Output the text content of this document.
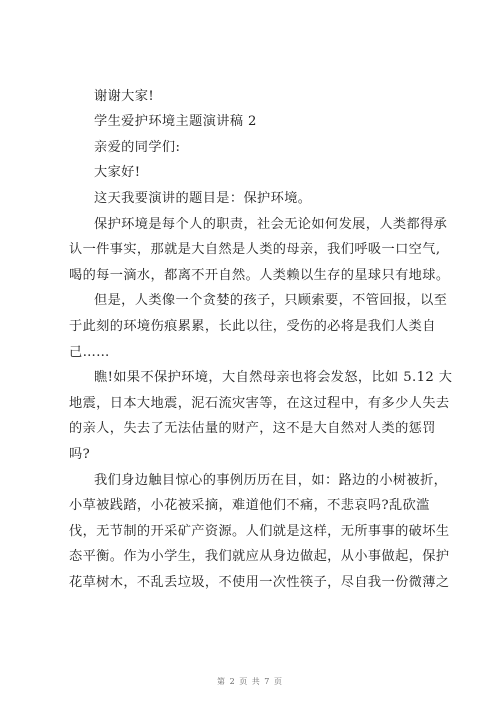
谢谢大家!
学生爱护环境主题演讲稿 2
亲爱的同学们:
大家好!
这天我要演讲的题目是：保护环境。
保护环境是每个人的职责，社会无论如何发展，人类都得承
认一件事实，那就是大自然是人类的母亲，我们呼吸一口空气,
喝的每一滴水，都离不开自然。人类赖以生存的星球只有地球。
但是，人类像一个贪婪的孩子，只顾索要，不管回报，以至
于此刻的环境伤痕累累，长此以往，受伤的必将是我们人类自
己……
瞧!如果不保护环境，大自然母亲也将会发怒，比如 5.12 大
地震，日本大地震，泥石流灾害等，在这过程中，有多少人失去
的亲人，失去了无法估量的财产，这不是大自然对人类的惩罚
吗?
我们身边触目惊心的事例历历在目，如：路边的小树被折，
小草被践踏，小花被采摘，难道他们不痛，不悲哀吗?乱砍滥
伐，无节制的开采矿产资源。人们就是这样，无所事事的破坏生
态平衡。作为小学生，我们就应从身边做起，从小事做起，保护
花草树木，不乱丢垃圾，不使用一次性筷子，尽自我一份微薄之
第 2 页 共 7 页
